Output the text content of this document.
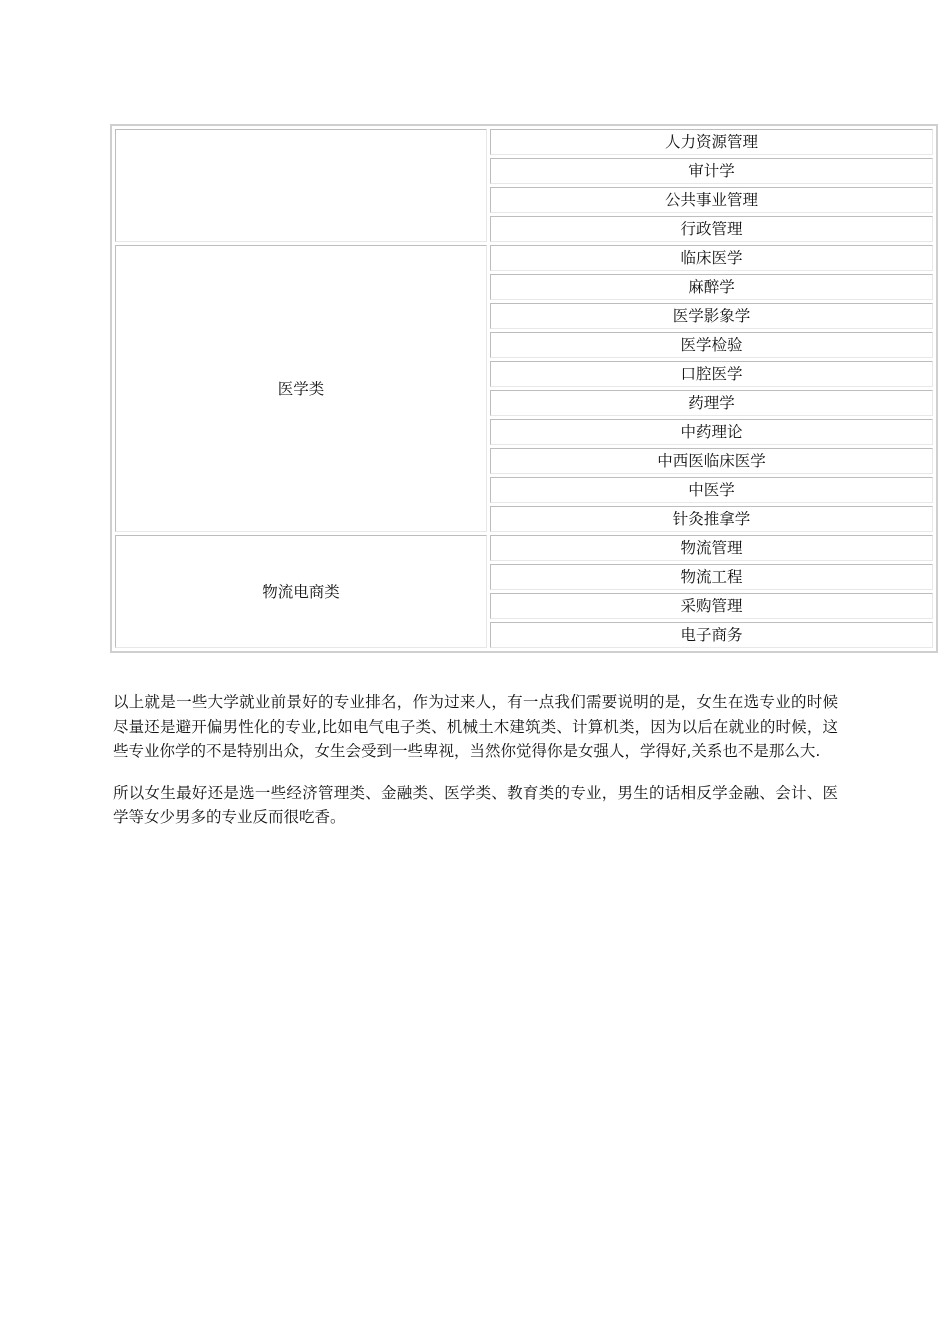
	人力资源管理
	审计学
	公共事业管理
	行政管理
医学类	临床医学
	麻醉学
	医学影象学
	医学检验
	口腔医学
	药理学
	中药理论
	中西医临床医学
	中医学
	针灸推拿学
物流电商类	物流管理
	物流工程
	采购管理
	电子商务

以上就是一些大学就业前景好的专业排名，作为过来人，有一点我们需要说明的是，女生在选专业的时候尽量还是避开偏男性化的专业,比如电气电子类、机械土木建筑类、计算机类，因为以后在就业的时候，这些专业你学的不是特别出众，女生会受到一些卑视，当然你觉得你是女强人，学得好,关系也不是那么大.

所以女生最好还是选一些经济管理类、金融类、医学类、教育类的专业，男生的话相反学金融、会计、医学等女少男多的专业反而很吃香。
